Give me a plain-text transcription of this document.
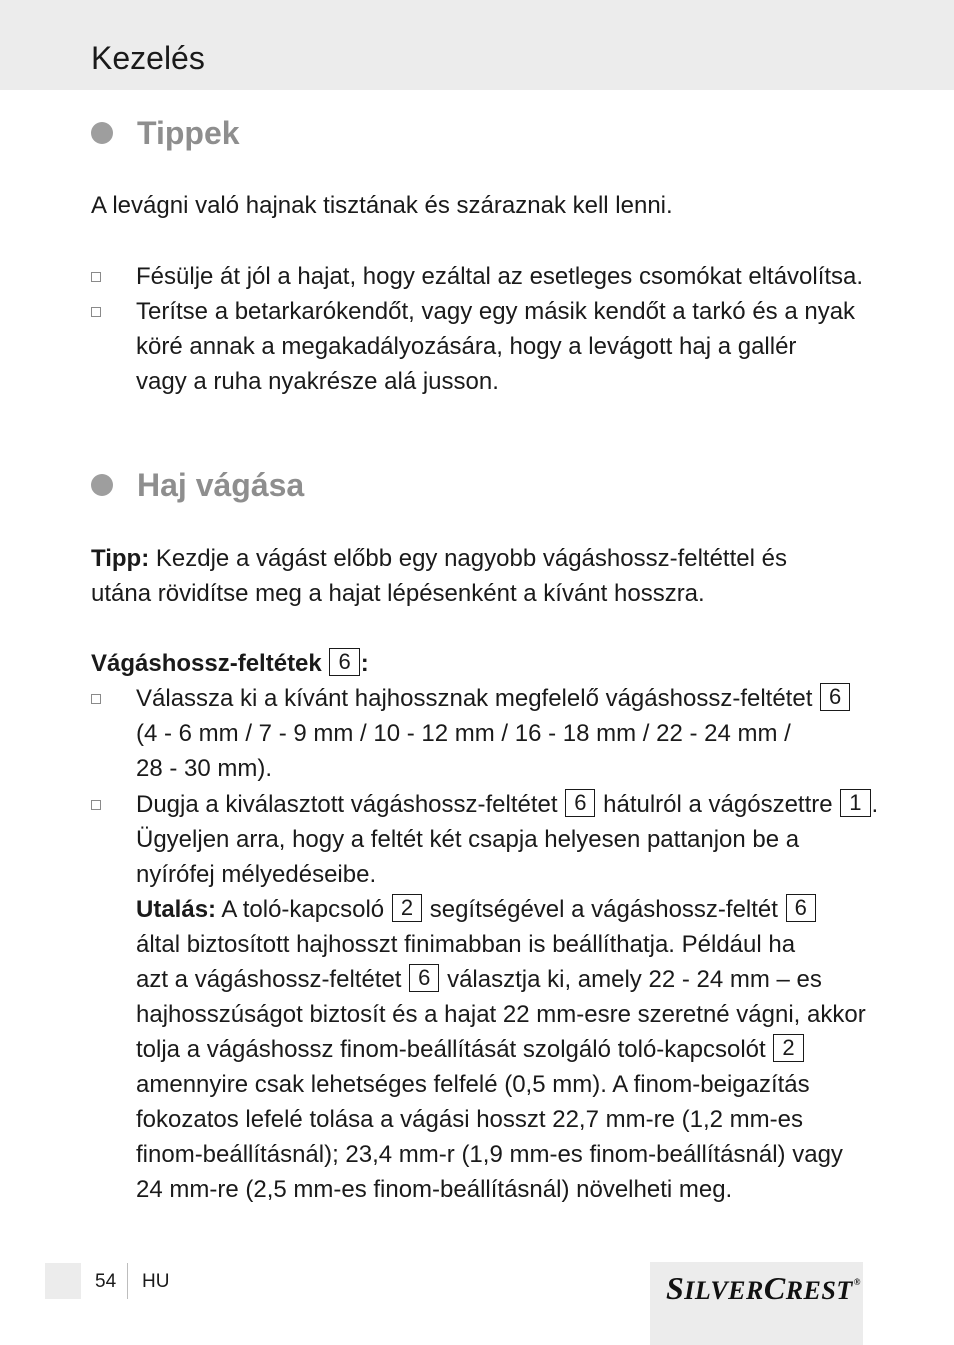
Kezelés
Tippek

A levágni való hajnak tisztának és száraznak kell lenni.

Fésülje át jól a hajat, hogy ezáltal az esetleges csomókat eltávolítsa.
Terítse a betarkarókendőt, vagy egy másik kendőt a tarkó és a nyak
köré annak a megakadályozására, hogy a levágott haj a gallér
vagy a ruha nyakrésze alá jusson.
Haj vágása
Tipp: Kezdje a vágást előbb egy nagyobb vágáshossz-feltéttel és
utána rövidítse meg a hajat lépésenként a kívánt hosszra.
Vágáshossz-feltétek 6 :
Válassza ki a kívánt hajhossznak megfelelő vágáshossz-feltétet 6
(4 - 6 mm / 7 - 9 mm / 10 - 12 mm / 16 - 18 mm / 22 - 24 mm /
28 - 30 mm).
Dugja a kiválasztott vágáshossz-feltétet 6 hátulról a vágószettre 1 .
Ügyeljen arra, hogy a feltét két csapja helyesen pattanjon be a
nyírófej mélyedéseibe.
Utalás: A toló-kapcsoló 2 segítségével a vágáshossz-feltét 6
által biztosított hajhosszt finimabban is beállíthatja. Például ha
azt a vágáshossz-feltétet 6 választja ki, amely 22 - 24 mm – es
hajhosszúságot biztosít és a hajat 22 mm-esre szeretné vágni, akkor
tolja a vágáshossz finom-beállítását szolgáló toló-kapcsolót 2
amennyire csak lehetséges felfelé (0,5 mm). A finom-beigazítás
fokozatos lefelé tolása a vágási hosszt 22,7 mm-re (1,2 mm-es
finom-beállításnál); 23,4 mm-r (1,9 mm-es finom-beállításnál) vagy
24 mm-re (2,5 mm-es finom-beállításnál) növelheti meg.
54 HU	SILVERCREST®
